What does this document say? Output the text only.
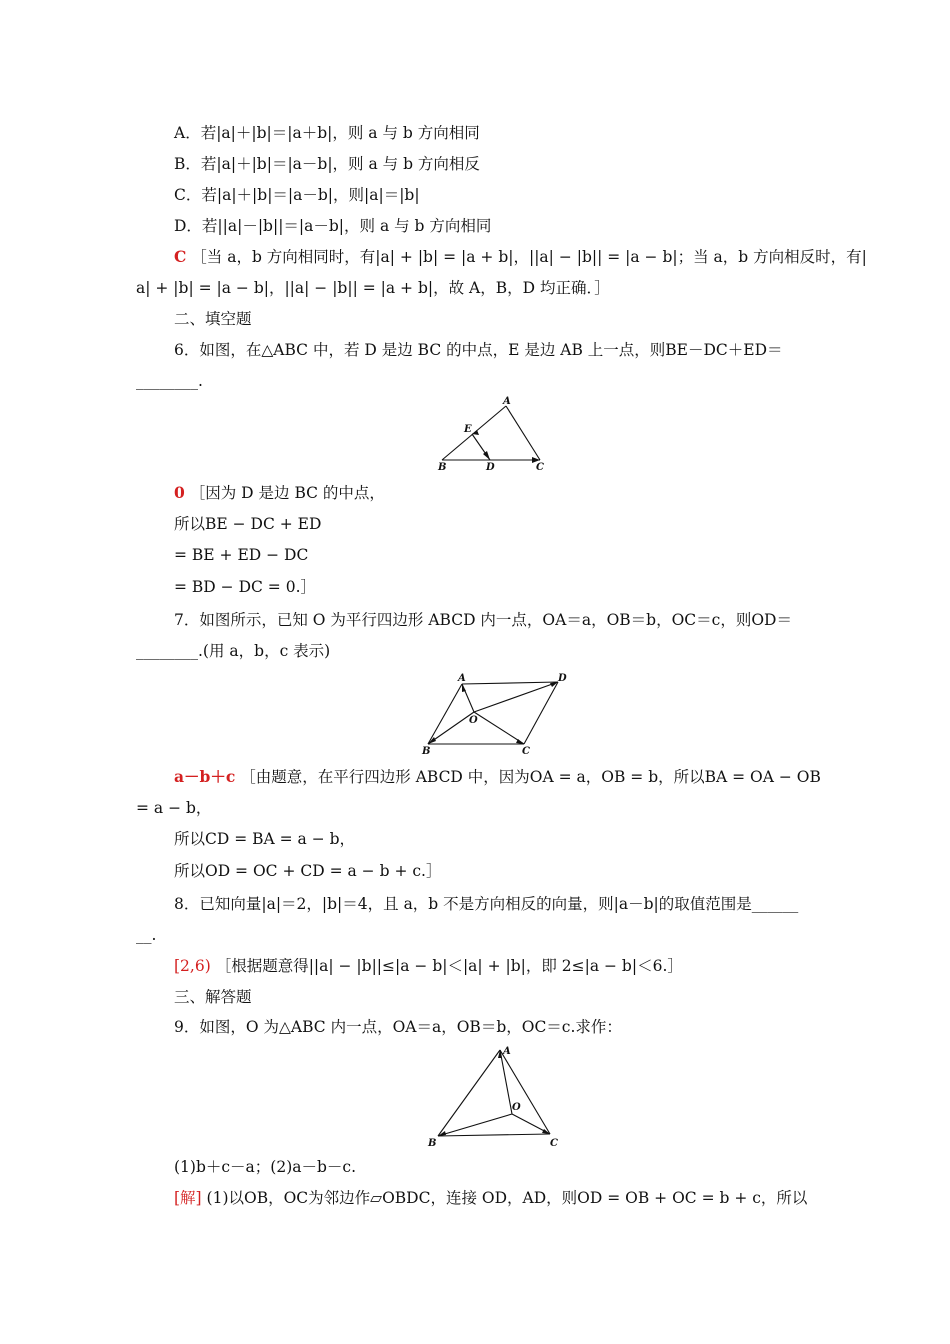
A．若|a|＋|b|＝|a＋b|，则 a 与 b 方向相同
B．若|a|＋|b|＝|a－b|，则 a 与 b 方向相反
C．若|a|＋|b|＝|a－b|，则|a|＝|b|
D．若||a|－|b||＝|a－b|，则 a 与 b 方向相同
C ［当 a，b 方向相同时，有|a| + |b| = |a + b|，||a| − |b|| = |a − b|；当 a，b 方向相反时，有|
a| + |b| = |a − b|，||a| − |b|| = |a + b|，故 A，B，D 均正确．］
二、填空题
6．如图，在△ABC 中，若 D 是边 BC 的中点，E 是边 AB 上一点，则BE－DC＋ED＝
________.
A
E
B	D	C
0 ［因为 D 是边 BC 的中点，
所以BE − DC + ED
= BE + ED − DC
= BD − DC = 0.］
7．如图所示，已知 O 为平行四边形 ABCD 内一点，OA＝a，OB＝b，OC＝c，则OD＝
________.(用 a，b，c 表示)
A	D
O
B	C
a－b＋c ［由题意，在平行四边形 ABCD 中，因为OA = a，OB = b，所以BA = OA − OB
= a − b，
所以CD = BA = a − b，
所以OD = OC + CD = a − b + c.］
8．已知向量|a|＝2，|b|＝4，且 a，b 不是方向相反的向量，则|a－b|的取值范围是______
__.
[2,6) ［根据题意得||a| − |b||≤|a − b|＜|a| + |b|，即 2≤|a − b|＜6.］
三、解答题
9．如图，O 为△ABC 内一点，OA＝a，OB＝b，OC＝c.求作：
A
O
B	C
(1)b＋c－a；(2)a－b－c.
[解] (1)以OB，OC为邻边作▱OBDC，连接 OD，AD，则OD = OB + OC = b + c，所以
